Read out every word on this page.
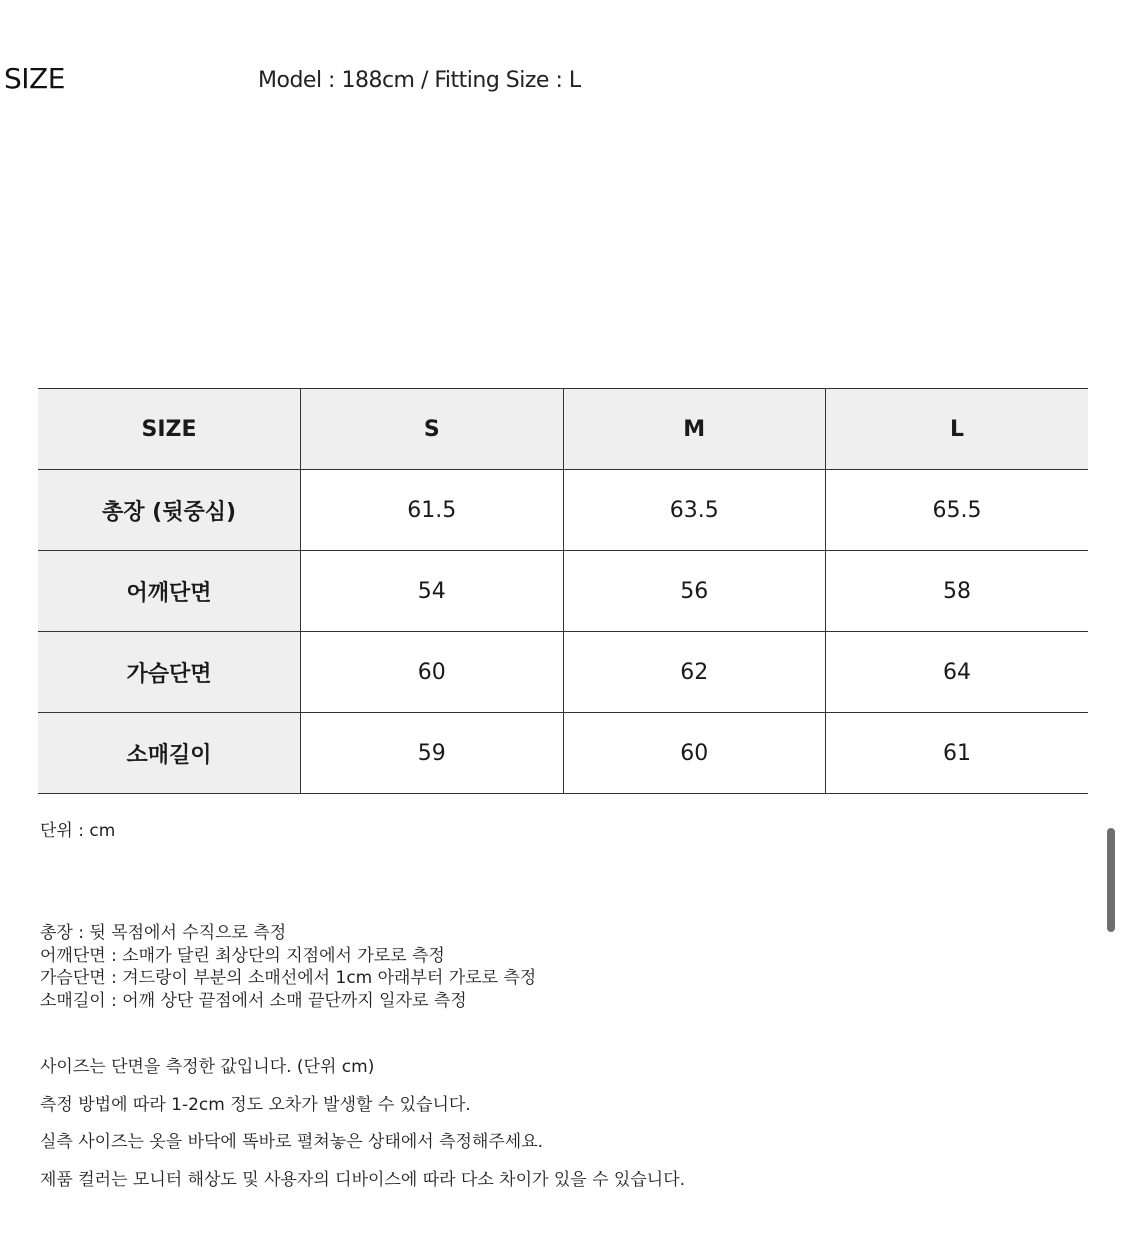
SIZE	Model : 188cm / Fitting Size : L
SIZE	S	M	L
총장 (뒷중심)	61.5	63.5	65.5
어깨단면	54	56	58
가슴단면	60	62	64
소매길이	59	60	61
단위 : cm
총장 : 뒷 목점에서 수직으로 측정
어깨단면 : 소매가 달린 최상단의 지점에서 가로로 측정
가슴단면 : 겨드랑이 부분의 소매선에서 1cm 아래부터 가로로 측정
소매길이 : 어깨 상단 끝점에서 소매 끝단까지 일자로 측정
사이즈는 단면을 측정한 값입니다. (단위 cm)
측정 방법에 따라 1-2cm 정도 오차가 발생할 수 있습니다.
실측 사이즈는 옷을 바닥에 똑바로 펼쳐놓은 상태에서 측정해주세요.
제품 컬러는 모니터 해상도 및 사용자의 디바이스에 따라 다소 차이가 있을 수 있습니다.
